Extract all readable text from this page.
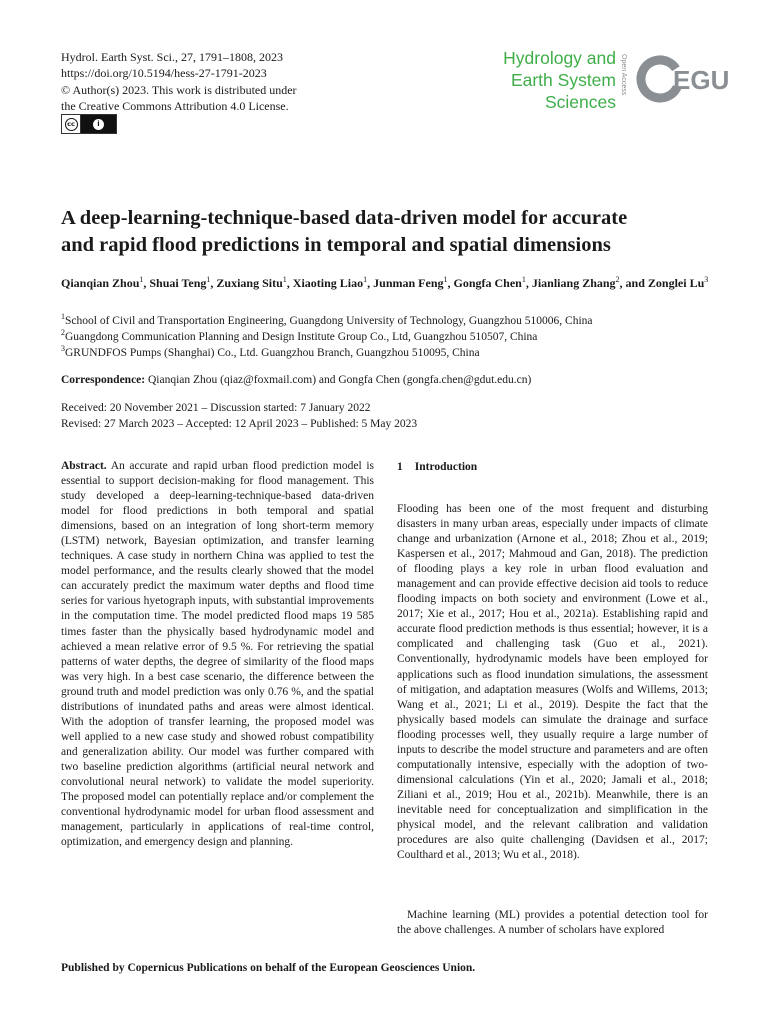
Hydrol. Earth Syst. Sci., 27, 1791–1808, 2023
https://doi.org/10.5194/hess-27-1791-2023
© Author(s) 2023. This work is distributed under
the Creative Commons Attribution 4.0 License.
cc	i
Hydrology and
Earth System
Sciences
Open Access EGU
A deep-learning-technique-based data-driven model for accurate
and rapid flood predictions in temporal and spatial dimensions
Qianqian Zhou$^1$, Shuai Teng$^1$, Zuxiang Situ$^1$, Xiaoting Liao$^1$, Junman Feng$^1$, Gongfa Chen$^1$, Jianliang Zhang$^2$, and Zonglei Lu$^3$
$^1$School of Civil and Transportation Engineering, Guangdong University of Technology, Guangzhou 510006, China
$^2$Guangdong Communication Planning and Design Institute Group Co., Ltd, Guangzhou 510507, China
$^3$GRUNDFOS Pumps (Shanghai) Co., Ltd. Guangzhou Branch, Guangzhou 510095, China
Correspondence: Qianqian Zhou (qiaz@foxmail.com) and Gongfa Chen (gongfa.chen@gdut.edu.cn)
Received: 20 November 2021 – Discussion started: 7 January 2022
Revised: 27 March 2023 – Accepted: 12 April 2023 – Published: 5 May 2023
Abstract. An accurate and rapid urban flood prediction model is essential to support decision-making for flood management. This study developed a deep-learning-technique-based data-driven model for flood predictions in both temporal and spatial dimensions, based on an integration of long short-term memory (LSTM) network, Bayesian optimization, and transfer learning techniques. A case study in northern China was applied to test the model performance, and the results clearly showed that the model can accurately predict the maximum water depths and flood time series for various hyetograph inputs, with substantial improvements in the computation time. The model predicted flood maps 19 585 times faster than the physically based hydrodynamic model and achieved a mean relative error of 9.5 %. For retrieving the spatial patterns of water depths, the degree of similarity of the flood maps was very high. In a best case scenario, the difference between the ground truth and model prediction was only 0.76 %, and the spatial distributions of inundated paths and areas were almost identical. With the adoption of transfer learning, the proposed model was well applied to a new case study and showed robust compatibility and generalization ability. Our model was further compared with two baseline prediction algorithms (artificial neural network and convolutional neural network) to validate the model superiority. The proposed model can potentially replace and/or complement the conventional hydrodynamic model for urban flood assessment and management, particularly in applications of real-time control, optimization, and emergency design and planning.
1 Introduction
Flooding has been one of the most frequent and disturbing disasters in many urban areas, especially under impacts of climate change and urbanization (Arnone et al., 2018; Zhou et al., 2019; Kaspersen et al., 2017; Mahmoud and Gan, 2018). The prediction of flooding plays a key role in urban flood evaluation and management and can provide effective decision aid tools to reduce flooding impacts on both society and environment (Lowe et al., 2017; Xie et al., 2017; Hou et al., 2021a). Establishing rapid and accurate flood prediction methods is thus essential; however, it is a complicated and challenging task (Guo et al., 2021). Conventionally, hydrodynamic models have been employed for applications such as flood inundation simulations, the assessment of mitigation, and adaptation measures (Wolfs and Willems, 2013; Wang et al., 2021; Li et al., 2019). Despite the fact that the physically based models can simulate the drainage and surface flooding processes well, they usually require a large number of inputs to describe the model structure and parameters and are often computationally intensive, especially with the adoption of two-dimensional calculations (Yin et al., 2020; Jamali et al., 2018; Ziliani et al., 2019; Hou et al., 2021b). Meanwhile, there is an inevitable need for conceptualization and simplification in the physical model, and the relevant calibration and validation procedures are also quite challenging (Davidsen et al., 2017; Coulthard et al., 2013; Wu et al., 2018).
Machine learning (ML) provides a potential detection tool for the above challenges. A number of scholars have explored
Published by Copernicus Publications on behalf of the European Geosciences Union.
